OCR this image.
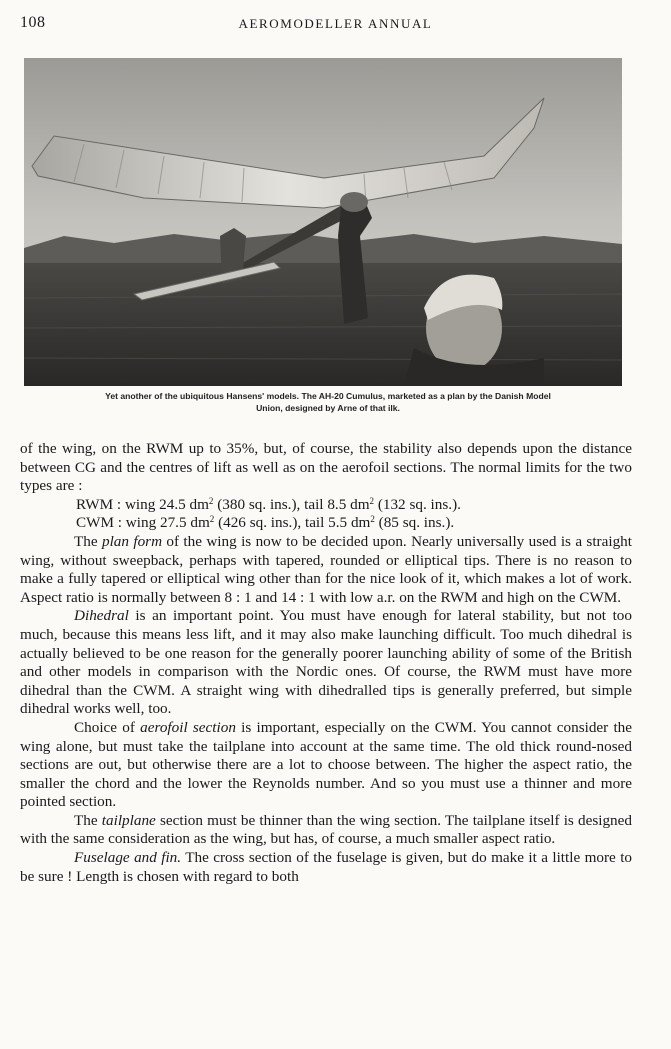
108	AEROMODELLER ANNUAL
Yet another of the ubiquitous Hansens' models. The AH-20 Cumulus, marketed as a plan by the Danish Model
Union, designed by Arne of that ilk.

of the wing, on the RWM up to 35%, but, of course, the stability also depends upon the distance between CG and the centres of lift as well as on the aerofoil sections. The normal limits for the two types are :

RWM : wing 24.5 $dm^2$ (380 sq. ins.), tail 8.5 $dm^2$ (132 sq. ins.).
CWM : wing 27.5 $dm^2$ (426 sq. ins.), tail 5.5 $dm^2$ (85 sq. ins.).

The plan form of the wing is now to be decided upon. Nearly universally used is a straight wing, without sweepback, perhaps with tapered, rounded or elliptical tips. There is no reason to make a fully tapered or elliptical wing other than for the nice look of it, which makes a lot of work. Aspect ratio is normally between 8 : 1 and 14 : 1 with low a.r. on the RWM and high on the CWM.

Dihedral is an important point. You must have enough for lateral stability, but not too much, because this means less lift, and it may also make launching difficult. Too much dihedral is actually believed to be one reason for the generally poorer launching ability of some of the British and other models in comparison with the Nordic ones. Of course, the RWM must have more dihedral than the CWM. A straight wing with dihedralled tips is generally preferred, but simple dihedral works well, too.

Choice of aerofoil section is important, especially on the CWM. You cannot consider the wing alone, but must take the tailplane into account at the same time. The old thick round-nosed sections are out, but otherwise there are a lot to choose between. The higher the aspect ratio, the smaller the chord and the lower the Reynolds number. And so you must use a thinner and more pointed section.

The tailplane section must be thinner than the wing section. The tailplane itself is designed with the same consideration as the wing, but has, of course, a much smaller aspect ratio.

Fuselage and fin. The cross section of the fuselage is given, but do make it a little more to be sure ! Length is chosen with regard to both
